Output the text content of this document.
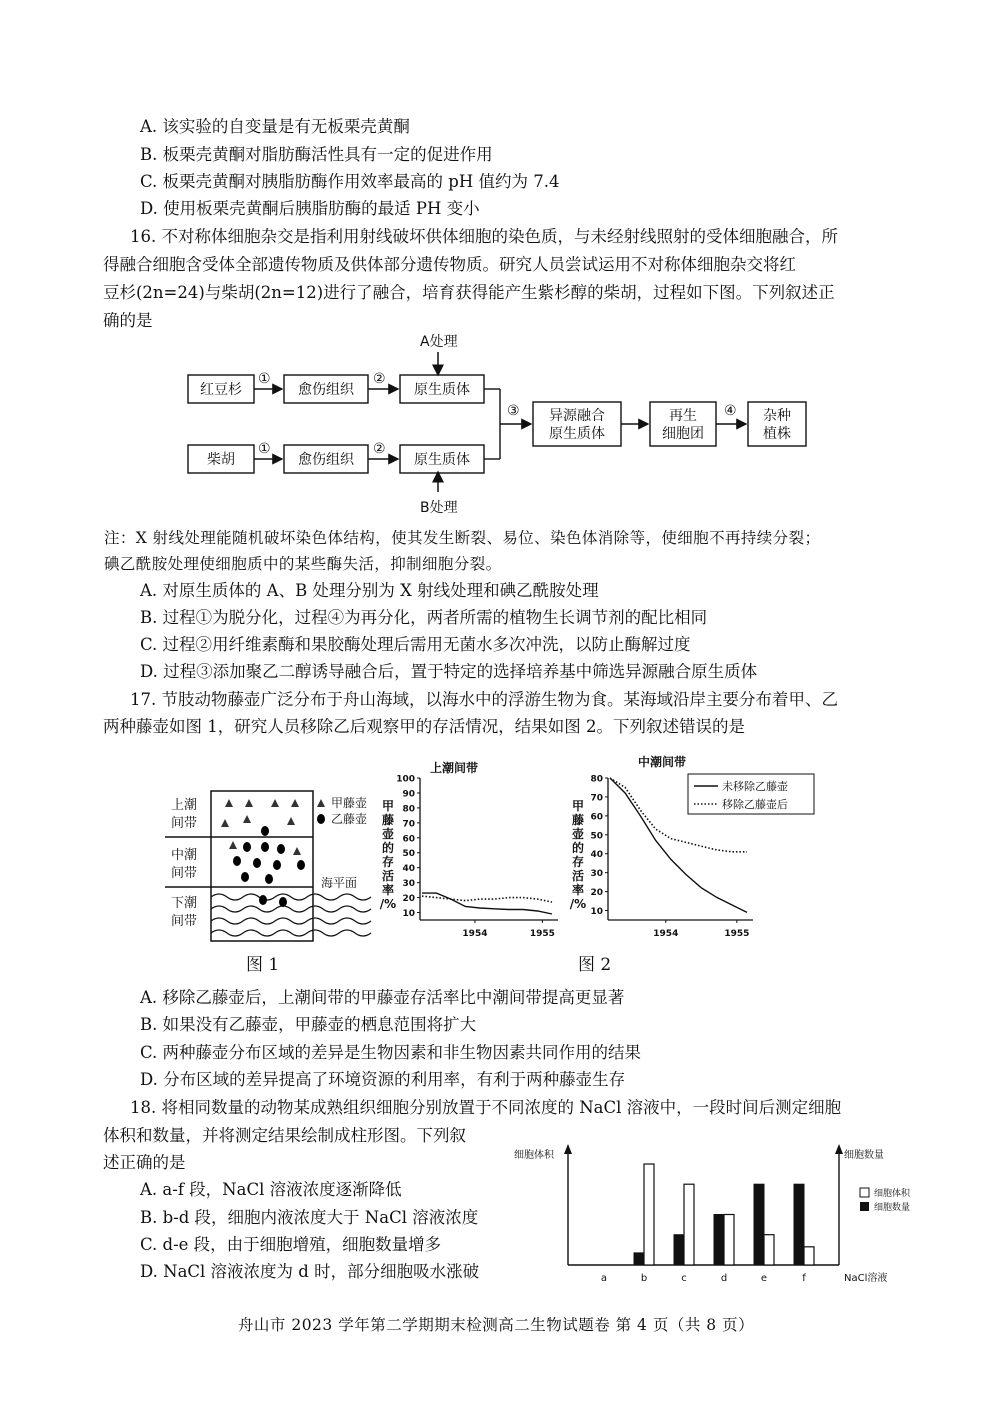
A. 该实验的自变量是有无板栗壳黄酮
B. 板栗壳黄酮对脂肪酶活性具有一定的促进作用
C. 板栗壳黄酮对胰脂肪酶作用效率最高的 pH 值约为 7.4
D. 使用板栗壳黄酮后胰脂肪酶的最适 PH 变小
16. 不对称体细胞杂交是指利用射线破坏供体细胞的染色质，与未经射线照射的受体细胞融合，所
得融合细胞含受体全部遗传物质及供体部分遗传物质。研究人员尝试运用不对称体细胞杂交将红
豆杉(2n=24)与柴胡(2n=12)进行了融合，培育获得能产生紫杉醇的柴胡，过程如下图。下列叙述正
确的是
A处理
B处理
①	②
①	②
③	④
红豆杉	愈伤组织	原生质体
柴胡	愈伤组织	原生质体
异源融合
原生质体
再生
细胞团
杂种
植株
注：X 射线处理能随机破坏染色体结构，使其发生断裂、易位、染色体消除等，使细胞不再持续分裂；
碘乙酰胺处理使细胞质中的某些酶失活，抑制细胞分裂。
A. 对原生质体的 A、B 处理分别为 X 射线处理和碘乙酰胺处理
B. 过程①为脱分化，过程④为再分化，两者所需的植物生长调节剂的配比相同
C. 过程②用纤维素酶和果胶酶处理后需用无菌水多次冲洗，以防止酶解过度
D. 过程③添加聚乙二醇诱导融合后，置于特定的选择培养基中筛选异源融合原生质体
17. 节肢动物藤壶广泛分布于舟山海域，以海水中的浮游生物为食。某海域沿岸主要分布着甲、乙
两种藤壶如图 1，研究人员移除乙后观察甲的存活情况，结果如图 2。下列叙述错误的是
上潮
间带
中潮
间带
下潮
间带
甲藤壶
乙藤壶
海平面
图 1
上潮间带	中潮间带
甲
藤
壶
的
存
活
率
/%
甲
藤
壶
的
存
活
率
/%
100
90
80
70
60
50
40
30
20
10
1954	1955
80
70
60
50
40
30
20
10
1954	1955
未移除乙藤壶
移除乙藤壶后
图 2
A. 移除乙藤壶后，上潮间带的甲藤壶存活率比中潮间带提高更显著
B. 如果没有乙藤壶，甲藤壶的栖息范围将扩大
C. 两种藤壶分布区域的差异是生物因素和非生物因素共同作用的结果
D. 分布区域的差异提高了环境资源的利用率，有利于两种藤壶生存
18. 将相同数量的动物某成熟组织细胞分别放置于不同浓度的 NaCl 溶液中，一段时间后测定细胞
体积和数量，并将测定结果绘制成柱形图。下列叙
述正确的是
A. a-f 段，NaCl 溶液浓度逐渐降低
B. b-d 段，细胞内液浓度大于 NaCl 溶液浓度
C. d-e 段，由于细胞增殖，细胞数量增多
D. NaCl 溶液浓度为 d 时，部分细胞吸水涨破
细胞体积	细胞数量
NaCl溶液
a	b	c	d	e	f
细胞体积
细胞数量
舟山市 2023 学年第二学期期末检测高二生物试题卷 第 4 页（共 8 页）
